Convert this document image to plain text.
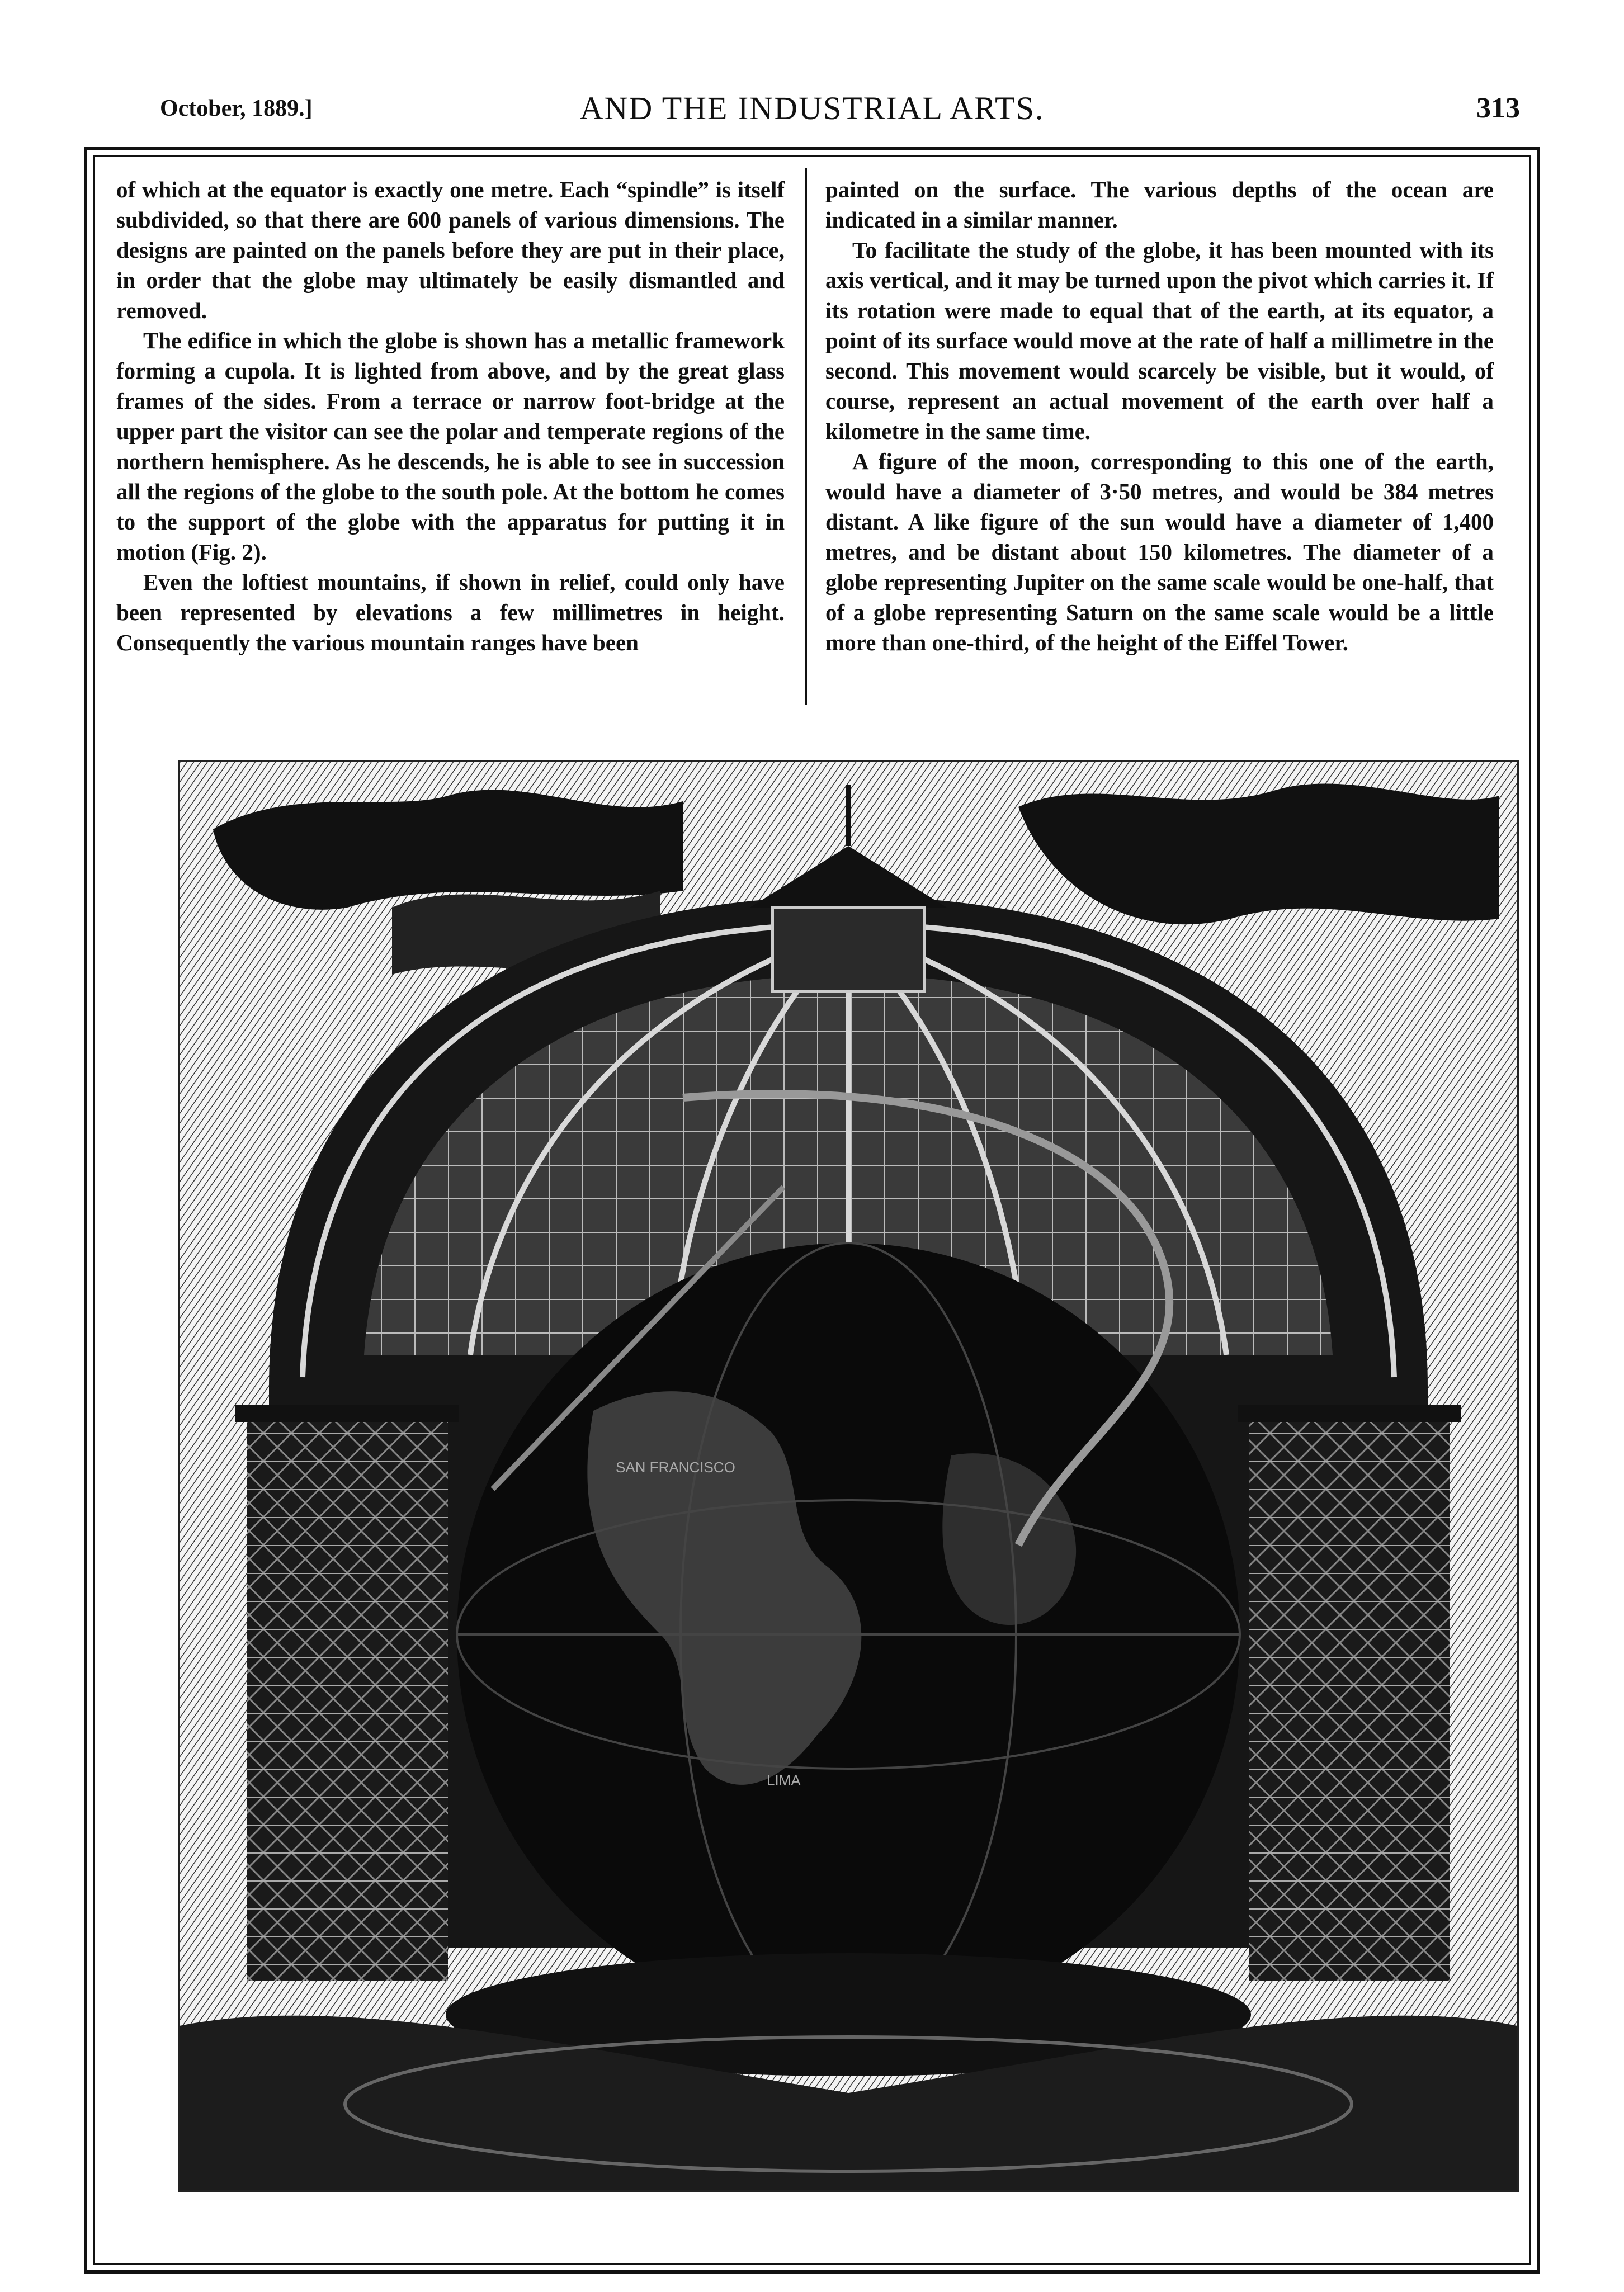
October, 1889.]	AND THE INDUSTRIAL ARTS.	313

of which at the equator is exactly one metre. Each “spindle” is itself subdivided, so that there are 600 panels of various dimensions. The designs are painted on the panels before they are put in their place, in order that the globe may ultimately be easily dismantled and removed.

The edifice in which the globe is shown has a metallic framework forming a cupola. It is lighted from above, and by the great glass frames of the sides. From a terrace or narrow foot-bridge at the upper part the visitor can see the polar and temperate regions of the northern hemisphere. As he descends, he is able to see in succession all the regions of the globe to the south pole. At the bottom he comes to the support of the globe with the apparatus for putting it in motion (Fig. 2).

Even the loftiest mountains, if shown in relief, could only have been represented by elevations a few millimetres in height. Consequently the various mountain ranges have been

painted on the surface. The various depths of the ocean are indicated in a similar manner.

To facilitate the study of the globe, it has been mounted with its axis vertical, and it may be turned upon the pivot which carries it. If its rotation were made to equal that of the earth, at its equator, a point of its surface would move at the rate of half a millimetre in the second. This movement would scarcely be visible, but it would, of course, represent an actual movement of the earth over half a kilometre in the same time.

A figure of the moon, corresponding to this one of the earth, would have a diameter of 3·50 metres, and would be 384 metres distant. A like figure of the sun would have a diameter of 1,400 metres, and be distant about 150 kilometres. The diameter of a globe representing Jupiter on the same scale would be one-half, that of a globe representing Saturn on the same scale would be a little more than one-third, of the height of the Eiffel Tower.

SAN FRANCISCO
LIMA
